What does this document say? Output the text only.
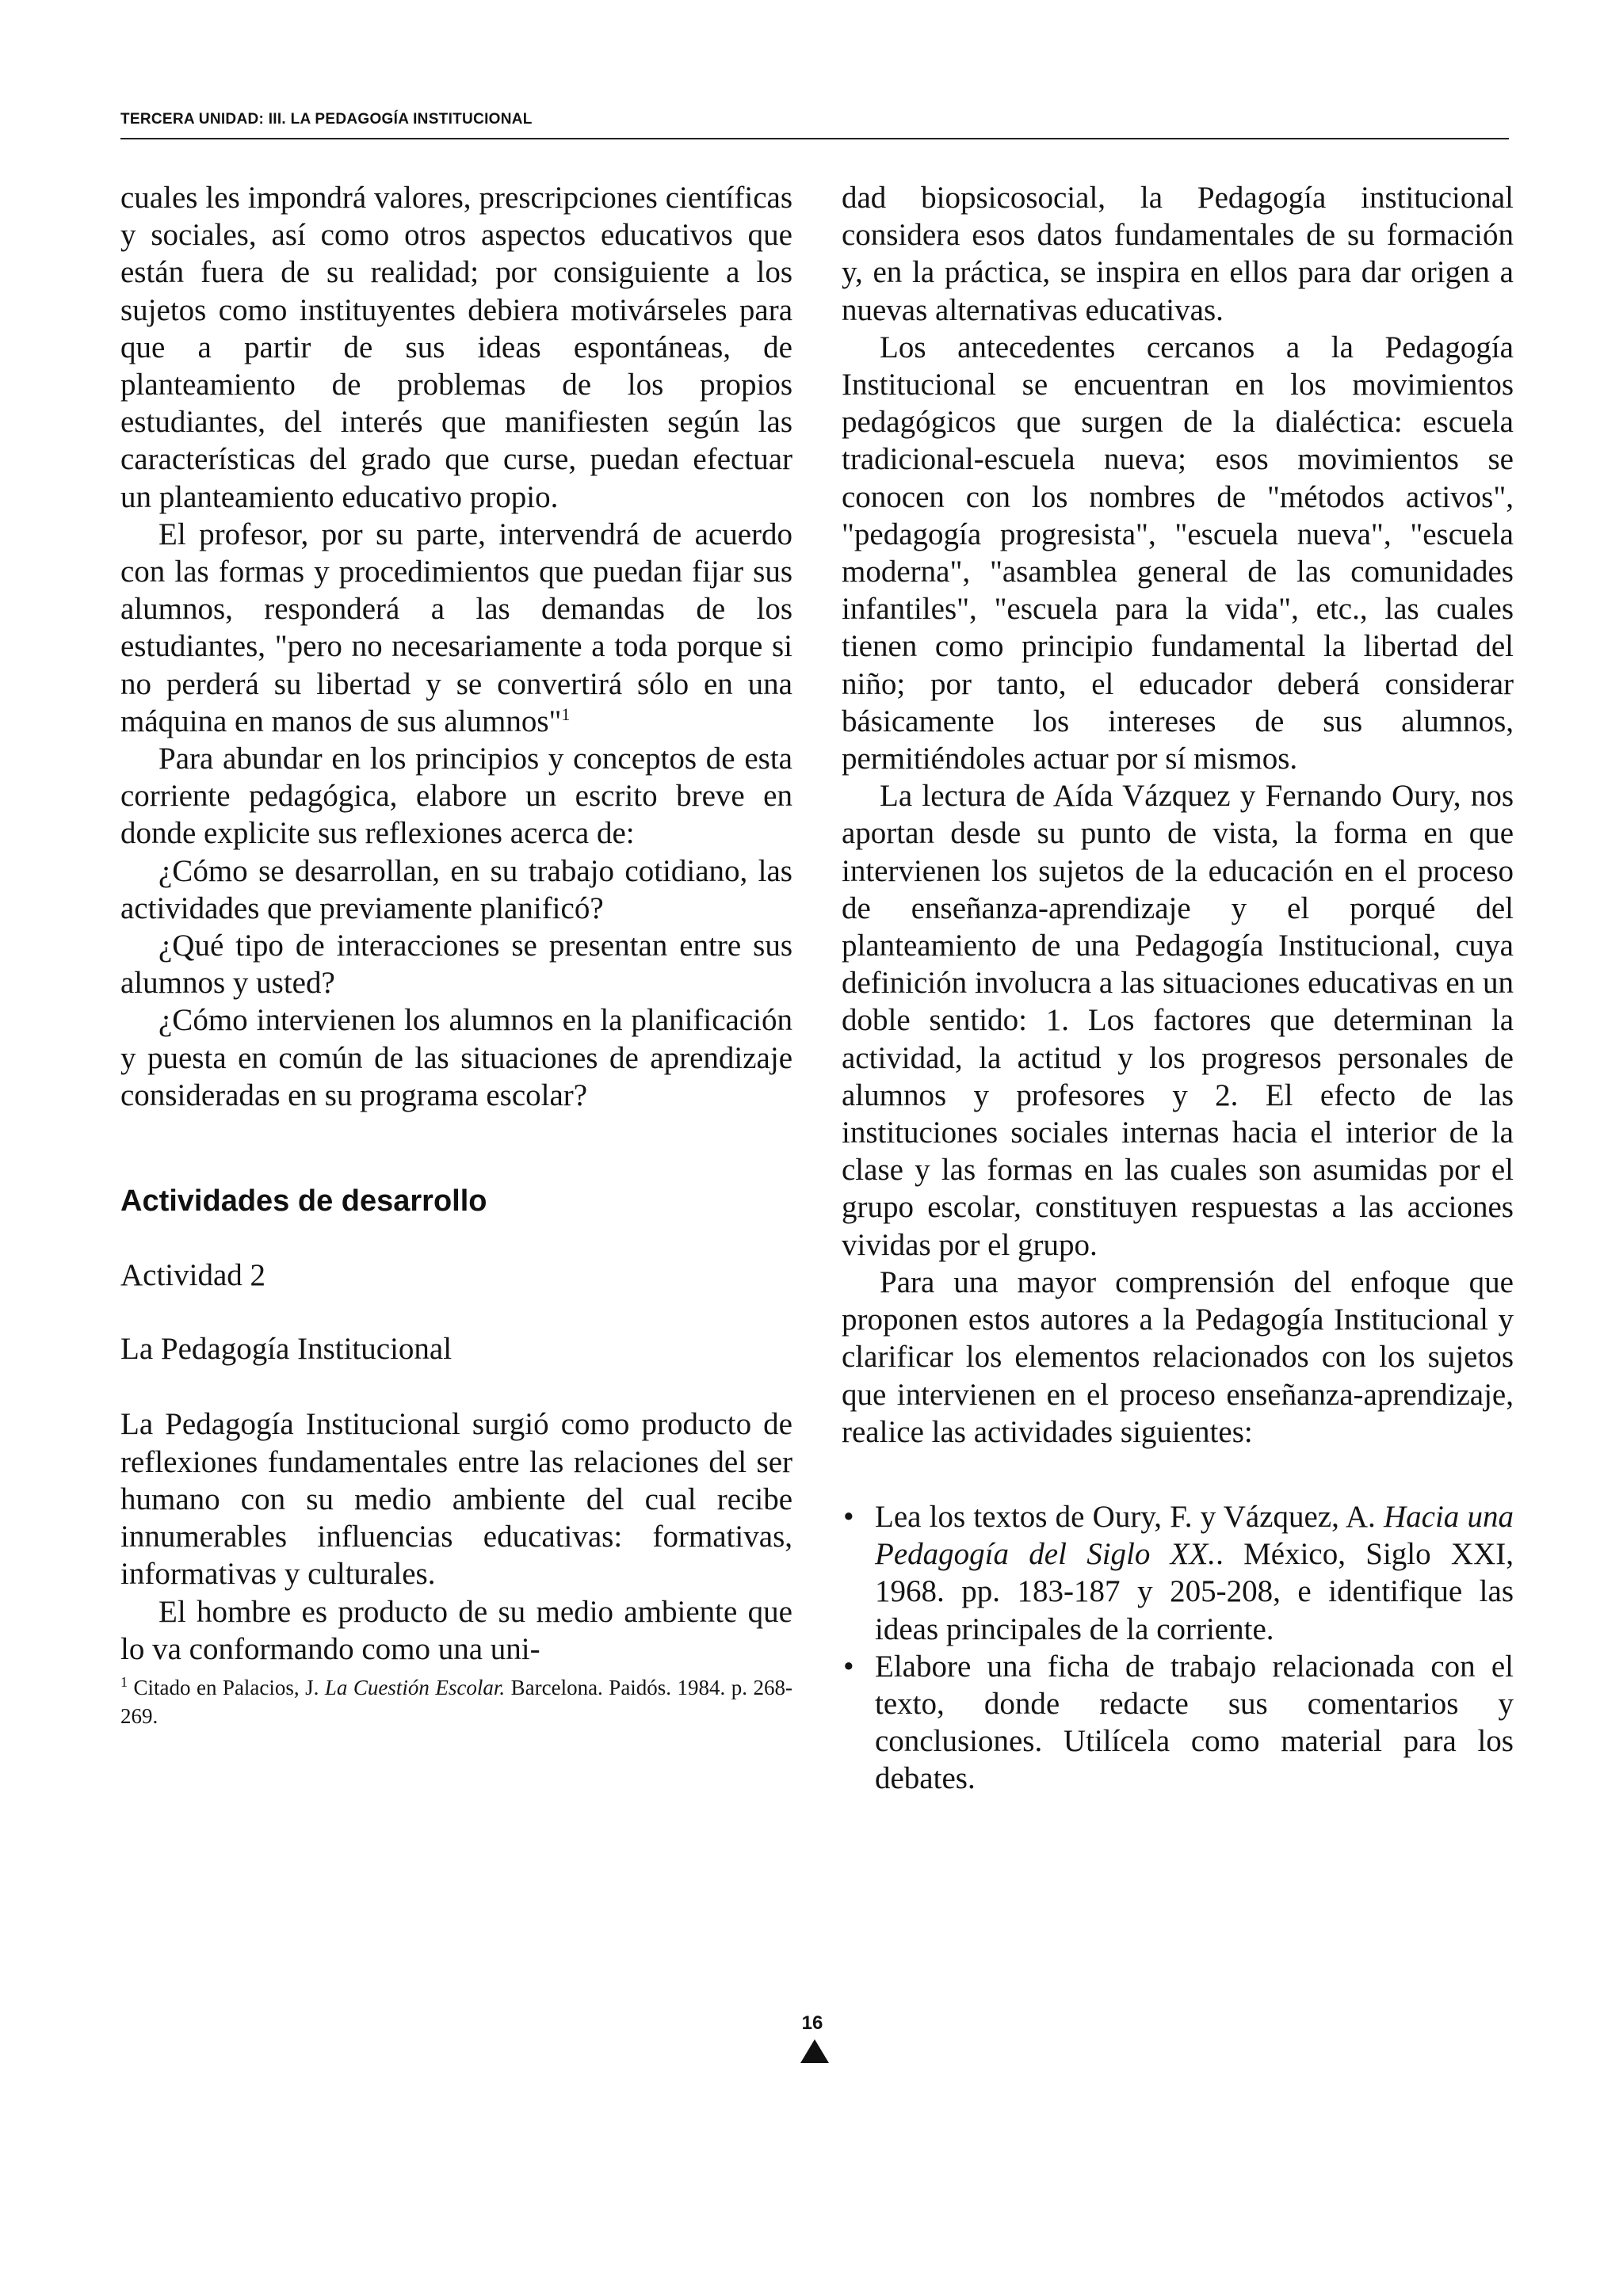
TERCERA UNIDAD: III. LA PEDAGOGÍA INSTITUCIONAL

cuales les impondrá valores, prescripciones científicas y sociales, así como otros aspectos educativos que están fuera de su realidad; por consiguiente a los sujetos como instituyentes debiera motivárseles para que a partir de sus ideas espontáneas, de planteamiento de problemas de los propios estudiantes, del interés que manifiesten según las características del grado que curse, puedan efectuar un planteamiento educativo propio.

El profesor, por su parte, intervendrá de acuerdo con las formas y procedimientos que puedan fijar sus alumnos, responderá a las demandas de los estudiantes, "pero no necesariamente a toda porque si no perderá su libertad y se convertirá sólo en una máquina en manos de sus alumnos"$^1$

Para abundar en los principios y conceptos de esta corriente pedagógica, elabore un escrito breve en donde explicite sus reflexiones acerca de:

¿Cómo se desarrollan, en su trabajo cotidiano, las actividades que previamente planificó?

¿Qué tipo de interacciones se presentan entre sus alumnos y usted?

¿Cómo intervienen los alumnos en la planificación y puesta en común de las situaciones de aprendizaje consideradas en su programa escolar?

Actividades de desarrollo

Actividad 2

La Pedagogía Institucional

La Pedagogía Institucional surgió como producto de reflexiones fundamentales entre las relaciones del ser humano con su medio ambiente del cual recibe innumerables influencias educativas: formativas, informativas y culturales.

El hombre es producto de su medio ambiente que lo va conformando como una uni-

$^1$ Citado en Palacios, J. La Cuestión Escolar. Barcelona. Paidós. 1984. p. 268-269.

dad biopsicosocial, la Pedagogía institucional considera esos datos fundamentales de su formación y, en la práctica, se inspira en ellos para dar origen a nuevas alternativas educativas.

Los antecedentes cercanos a la Pedagogía Institucional se encuentran en los movimientos pedagógicos que surgen de la dialéctica: escuela tradicional-escuela nueva; esos movimientos se conocen con los nombres de "métodos activos", "pedagogía progresista", "escuela nueva", "escuela moderna", "asamblea general de las comunidades infantiles", "escuela para la vida", etc., las cuales tienen como principio fundamental la libertad del niño; por tanto, el educador deberá considerar básicamente los intereses de sus alumnos, permitiéndoles actuar por sí mismos.

La lectura de Aída Vázquez y Fernando Oury, nos aportan desde su punto de vista, la forma en que intervienen los sujetos de la educación en el proceso de enseñanza-aprendizaje y el porqué del planteamiento de una Pedagogía Institucional, cuya definición involucra a las situaciones educativas en un doble sentido: 1. Los factores que determinan la actividad, la actitud y los progresos personales de alumnos y profesores y 2. El efecto de las instituciones sociales internas hacia el interior de la clase y las formas en las cuales son asumidas por el grupo escolar, constituyen respuestas a las acciones vividas por el grupo.

Para una mayor comprensión del enfoque que proponen estos autores a la Pedagogía Institucional y clarificar los elementos relacionados con los sujetos que intervienen en el proceso enseñanza-aprendizaje, realice las actividades siguientes:

• Lea los textos de Oury, F. y Vázquez, A. Hacia una Pedagogía del Siglo XX.. México, Siglo XXI, 1968. pp. 183-187 y 205-208, e identifique las ideas principales de la corriente.
• Elabore una ficha de trabajo relacionada con el texto, donde redacte sus comentarios y conclusiones. Utilícela como material para los debates.
16
